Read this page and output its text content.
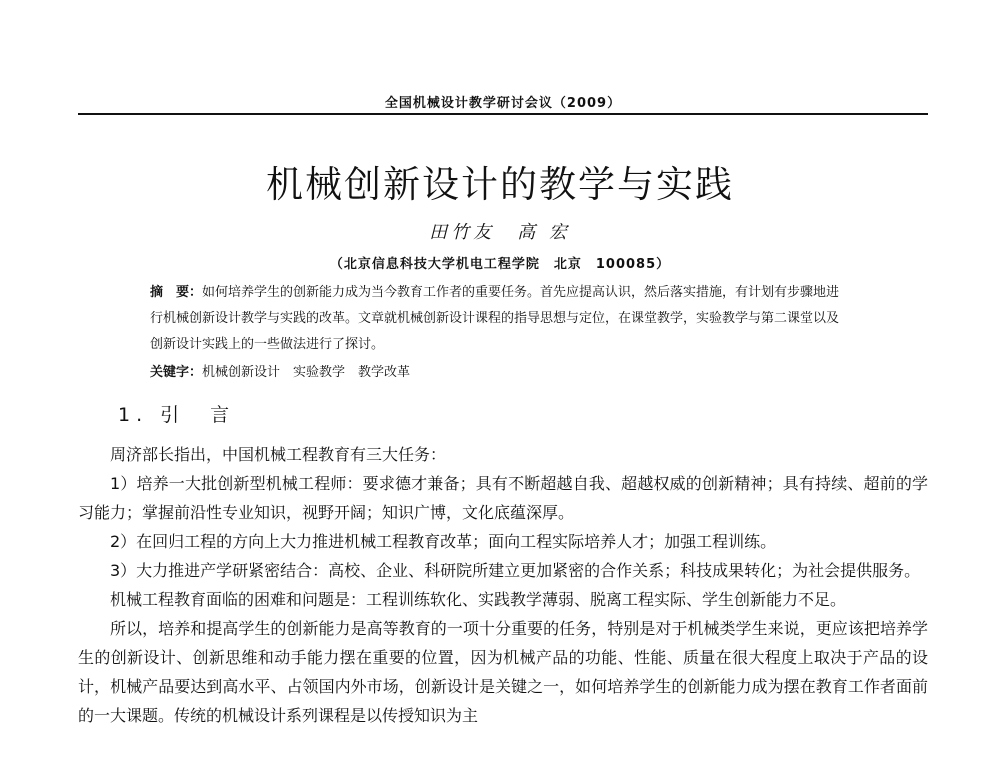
全国机械设计教学研讨会议（2009）
机械创新设计的教学与实践
田竹友　高 宏
（北京信息科技大学机电工程学院　北京　100085）
摘　要：如何培养学生的创新能力成为当今教育工作者的重要任务。首先应提高认识，然后落实措施，有计划有步骤地进行机械创新设计教学与实践的改革。文章就机械创新设计课程的指导思想与定位，在课堂教学，实验教学与第二课堂以及创新设计实践上的一些做法进行了探讨。
关键字：机械创新设计　实验教学　教学改革
1. 引　言

周济部长指出，中国机械工程教育有三大任务：

1）培养一大批创新型机械工程师：要求德才兼备；具有不断超越自我、超越权威的创新精神；具有持续、超前的学习能力；掌握前沿性专业知识，视野开阔；知识广博，文化底蕴深厚。

2）在回归工程的方向上大力推进机械工程教育改革；面向工程实际培养人才；加强工程训练。

3）大力推进产学研紧密结合：高校、企业、科研院所建立更加紧密的合作关系；科技成果转化；为社会提供服务。

机械工程教育面临的困难和问题是：工程训练软化、实践教学薄弱、脱离工程实际、学生创新能力不足。

所以，培养和提高学生的创新能力是高等教育的一项十分重要的任务，特别是对于机械类学生来说，更应该把培养学生的创新设计、创新思维和动手能力摆在重要的位置，因为机械产品的功能、性能、质量在很大程度上取决于产品的设计，机械产品要达到高水平、占领国内外市场，创新设计是关键之一，如何培养学生的创新能力成为摆在教育工作者面前的一大课题。传统的机械设计系列课程是以传授知识为主
